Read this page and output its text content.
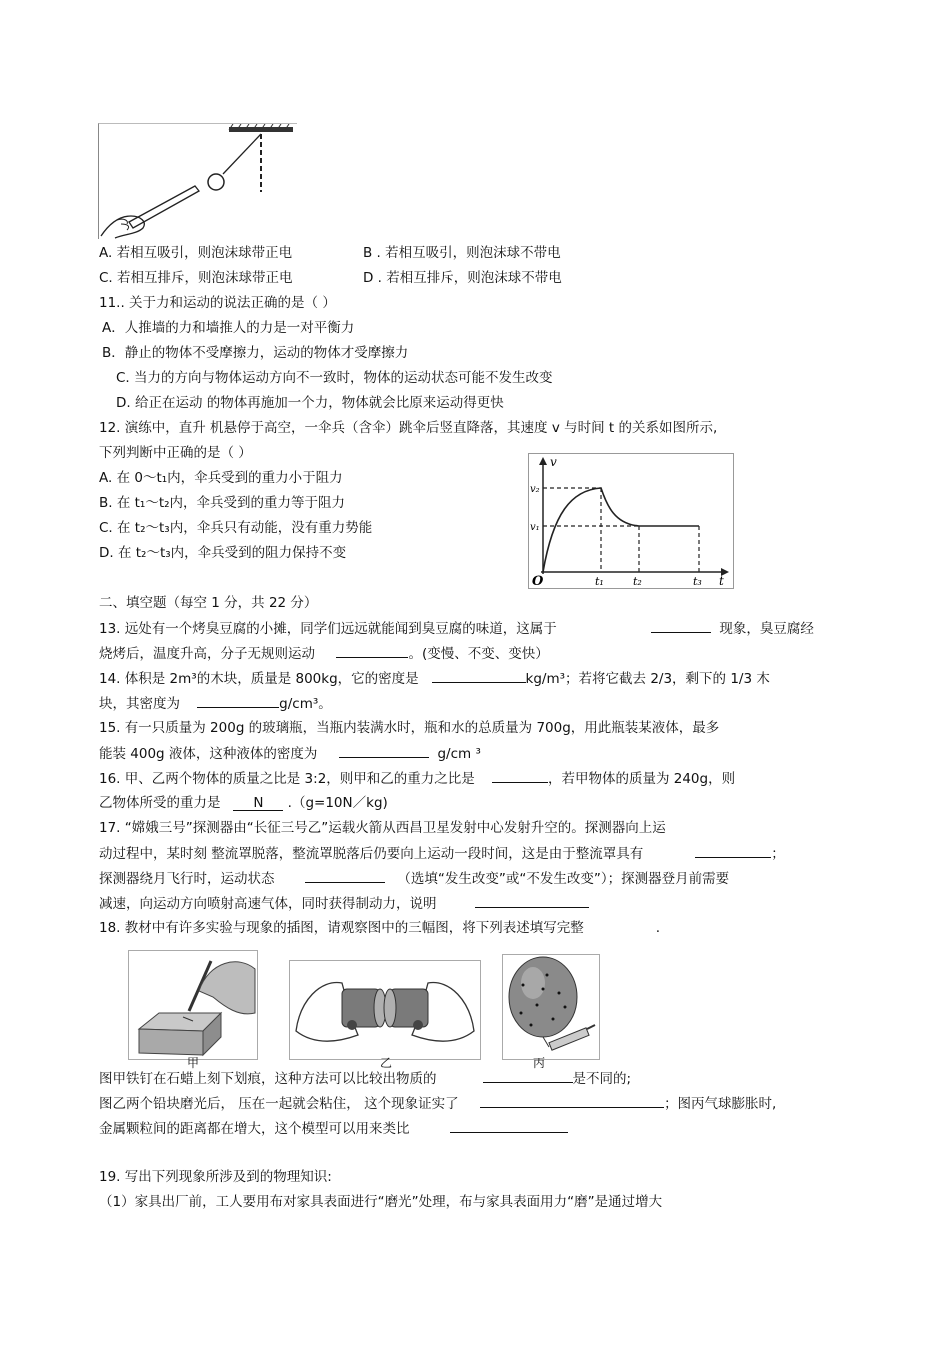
A. 若相互吸引，则泡沫球带正电	B . 若相互吸引，则泡沫球不带电
C. 若相互排斥，则泡沫球带正电	D . 若相互排斥，则泡沫球不带电
11.. 关于力和运动的说法正确的是（ ）
A．人推墙的力和墙推人的力是一对平衡力
B．静止的物体不受摩擦力，运动的物体才受摩擦力
C. 当力的方向与物体运动方向不一致时，物体的运动状态可能不发生改变
D. 给正在运动 的物体再施加一个力，物体就会比原来运动得更快
12. 演练中，直升 机悬停于高空，一伞兵（含伞）跳伞后竖直降落，其速度 v 与时间 t 的关系如图所示,
下列判断中正确的是（ ）
A. 在 0～t₁内，伞兵受到的重力小于阻力
B. 在 t₁～t₂内，伞兵受到的重力等于阻力
C. 在 t₂～t₃内，伞兵只有动能，没有重力势能
D. 在 t₂～t₃内，伞兵受到的阻力保持不变
v
t
O
v₂
v₁
t₁	t₂	t₃
二、填空题（每空 1 分，共 22 分）
13. 远处有一个烤臭豆腐的小摊，同学们远远就能闻到臭豆腐的味道，这属于	现象，臭豆腐经
烧烤后，温度升高，分子无规则运动	。(变慢、不变、变快）
14. 体积是 2m³的木块，质量是 800kg，它的密度是	kg/m³；若将它截去 2/3，剩下的 1/3 木
块，其密度为	g/cm³。
15. 有一只质量为 200g 的玻璃瓶，当瓶内装满水时，瓶和水的总质量为 700g，用此瓶装某液体，最多
能装 400g 液体，这种液体的密度为	g/cm ³
16. 甲、乙两个物体的质量之比是 3:2，则甲和乙的重力之比是	，若甲物体的质量为 240g，则
乙物体所受的重力是 N .（g=10N／kg)
17. “嫦娥三号”探测器由“长征三号乙”运载火箭从西昌卫星发射中心发射升空的。探测器向上运
动过程中，某时刻 整流罩脱落，整流罩脱落后仍要向上运动一段时间，这是由于整流罩具有	；
探测器绕月飞行时，运动状态	（选填“发生改变”或“不发生改变”）；探测器登月前需要
减速，向运动方向喷射高速气体，同时获得制动力，说明
18. 教材中有许多实验与现象的插图，请观察图中的三幅图，将下列表述填写完整	.
甲	乙	丙
图甲铁钉在石蜡上刻下划痕，这种方法可以比较出物质的	是不同的;
图乙两个铅块磨光后， 压在一起就会粘住， 这个现象证实了	；图丙气球膨胀时,
金属颗粒间的距离都在增大，这个模型可以用来类比
19. 写出下列现象所涉及到的物理知识:
（1）家具出厂前，工人要用布对家具表面进行“磨光”处理，布与家具表面用力“磨”是通过增大
